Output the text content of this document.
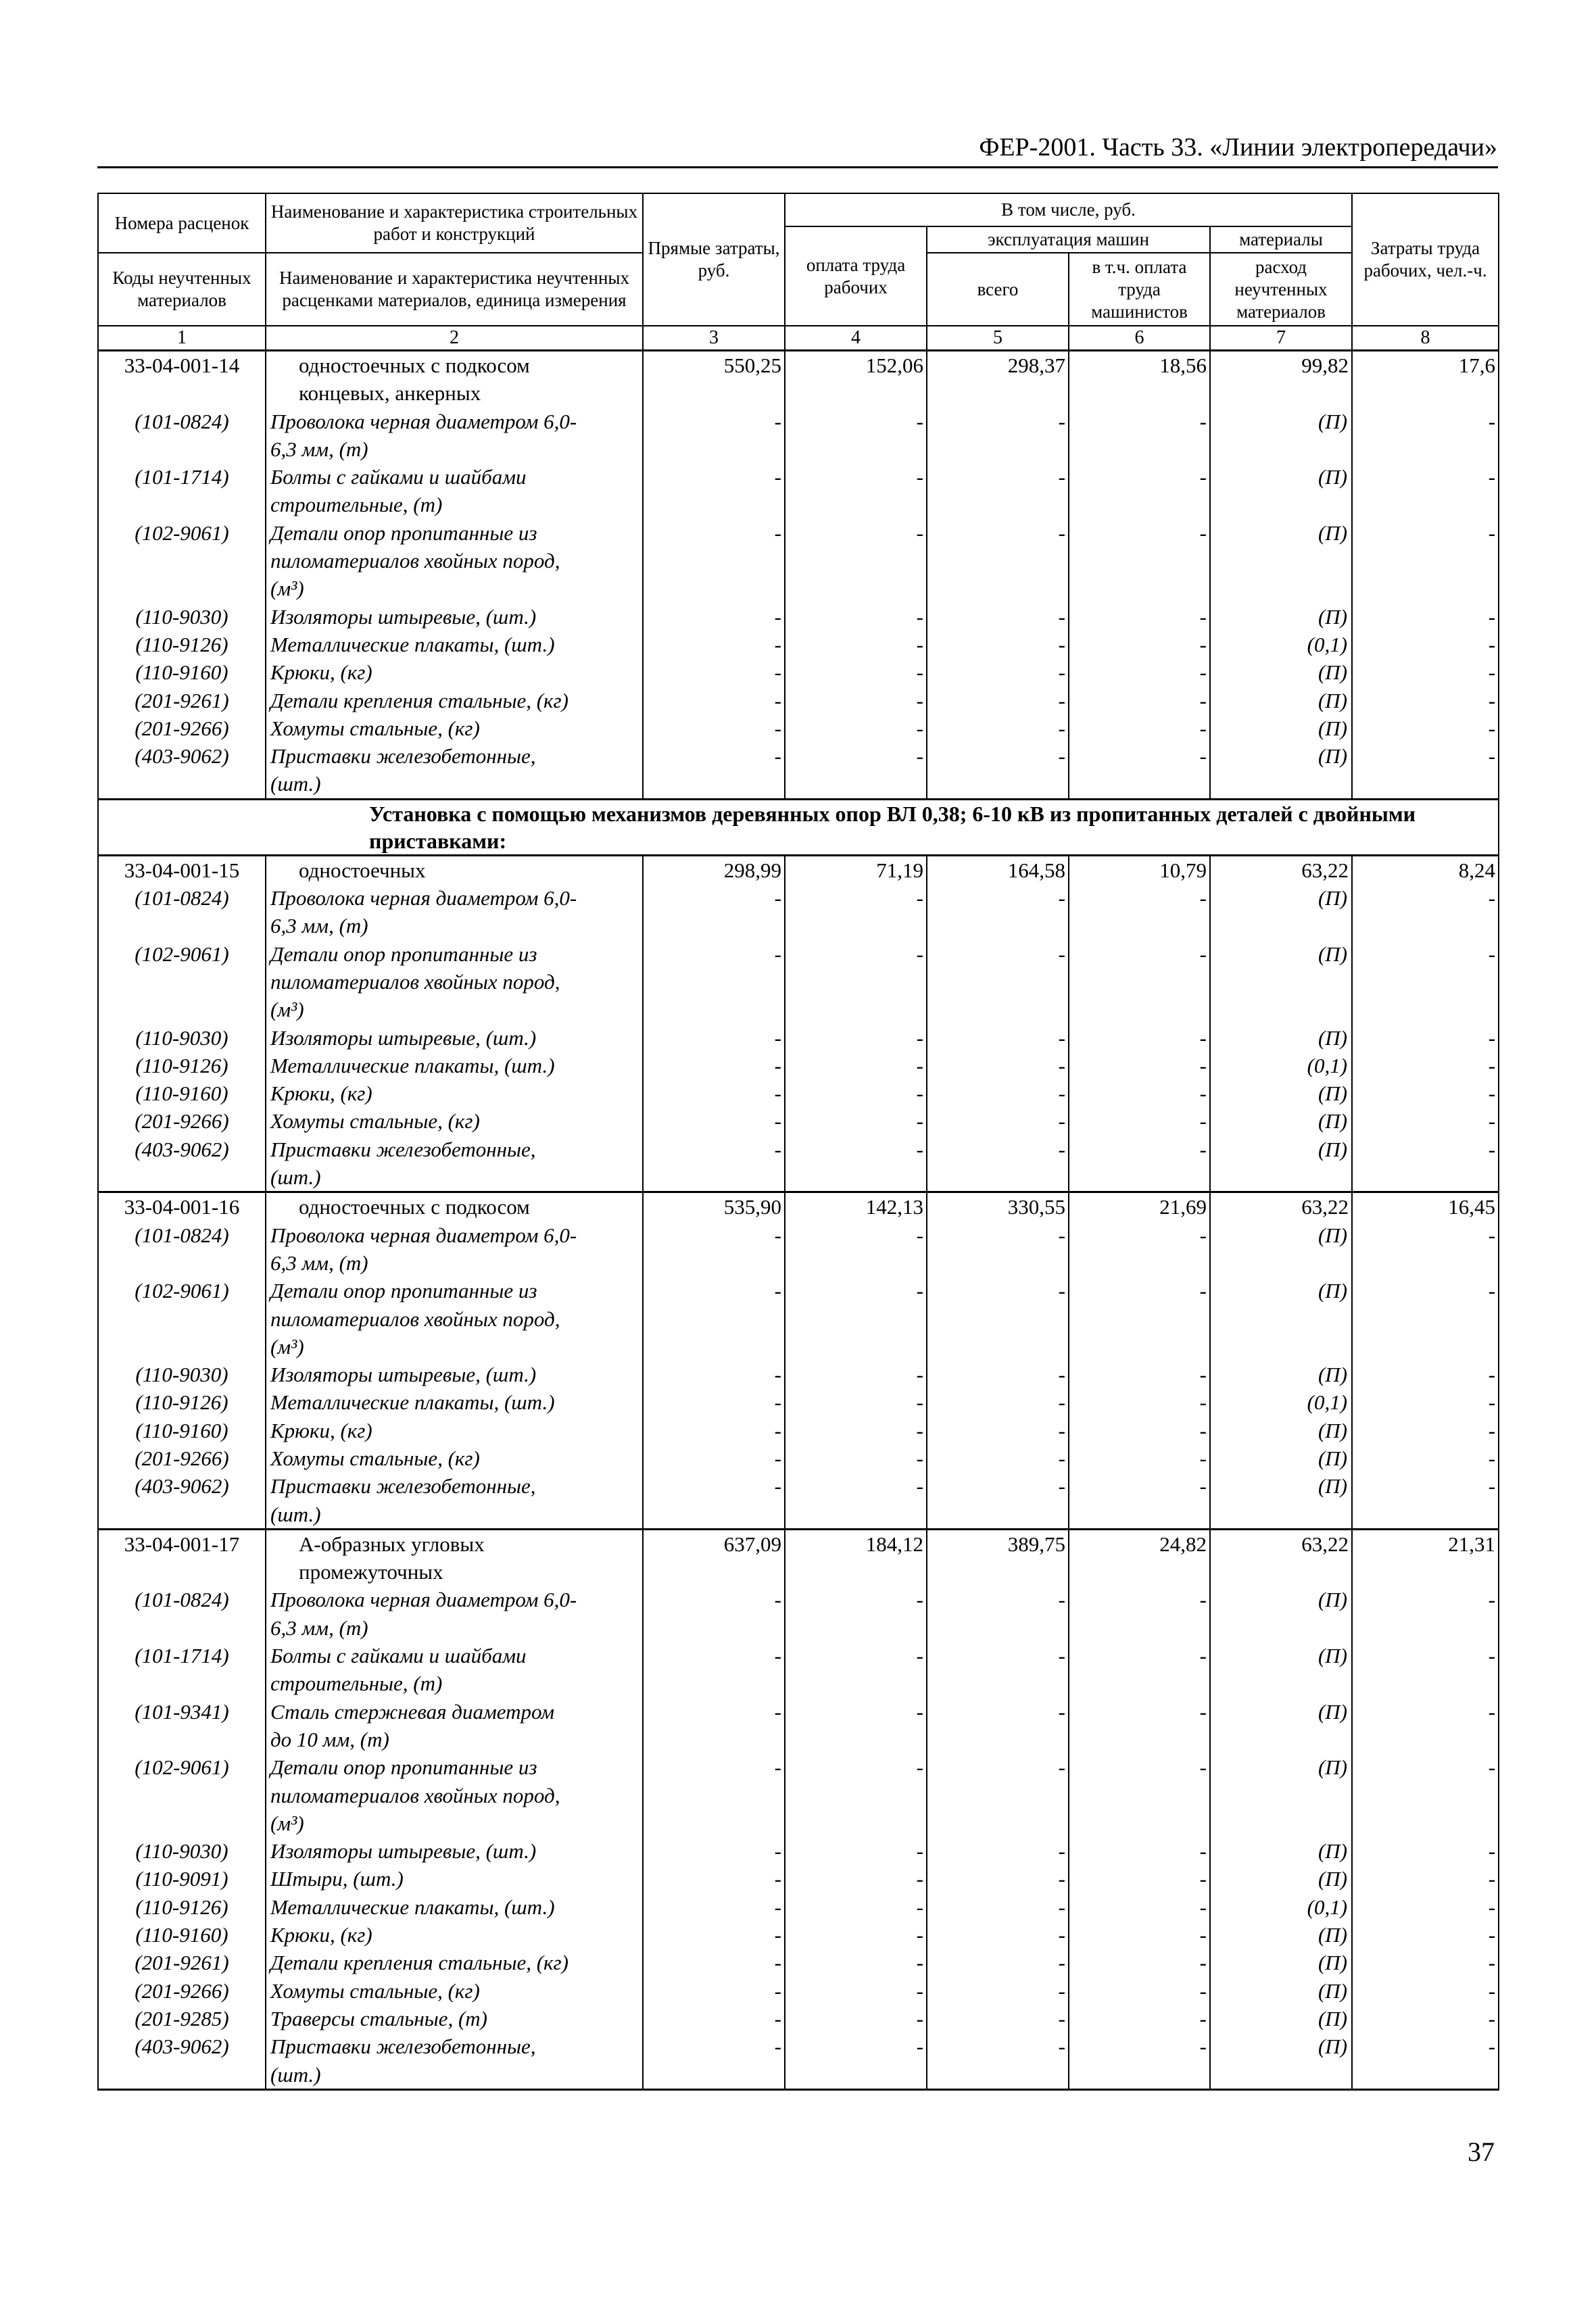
ФЕР-2001. Часть 33. «Линии электропередачи»
Номера расценок	Наименование и характеристика строительных работ и конструкций	Прямые затраты, руб.	В том числе, руб.				Затраты труда рабочих, чел.-ч.
			оплата труда рабочих	эксплуатация машин		материалы	
Коды неучтенных материалов	Наименование и характеристика неучтенных расценками материалов, единица измерения			всего	в т.ч. оплата труда машинистов	расход неучтенных материалов	

1	2	3	4	5	6	7	8
33-04-001-14	одностоечных с подкосом
концевых, анкерных	550,25	152,06	298,37	18,56	99,82	17,6
(101-0824)	Проволока черная диаметром 6,0-
6,3 мм, (т)	-	-	-	-	(П)	-
(101-1714)	Болты с гайками и шайбами
строительные, (т)	-	-	-	-	(П)	-
(102-9061)	Детали опор пропитанные из
пиломатериалов хвойных пород,
(м³)	-	-	-	-	(П)	-
(110-9030)	Изоляторы штыревые, (шт.)	-	-	-	-	(П)	-
(110-9126)	Металлические плакаты, (шт.)	-	-	-	-	(0,1)	-
(110-9160)	Крюки, (кг)	-	-	-	-	(П)	-
(201-9261)	Детали крепления стальные, (кг)	-	-	-	-	(П)	-
(201-9266)	Хомуты стальные, (кг)	-	-	-	-	(П)	-
(403-9062)	Приставки железобетонные,
(шт.)	-	-	-	-	(П)	-
Установка с помощью механизмов деревянных опор ВЛ 0,38; 6-10 кВ из пропитанных деталей с двойными приставками:							
33-04-001-15	одностоечных	298,99	71,19	164,58	10,79	63,22	8,24
(101-0824)	Проволока черная диаметром 6,0-
6,3 мм, (т)	-	-	-	-	(П)	-
(102-9061)	Детали опор пропитанные из
пиломатериалов хвойных пород,
(м³)	-	-	-	-	(П)	-
(110-9030)	Изоляторы штыревые, (шт.)	-	-	-	-	(П)	-
(110-9126)	Металлические плакаты, (шт.)	-	-	-	-	(0,1)	-
(110-9160)	Крюки, (кг)	-	-	-	-	(П)	-
(201-9266)	Хомуты стальные, (кг)	-	-	-	-	(П)	-
(403-9062)	Приставки железобетонные,
(шт.)	-	-	-	-	(П)	-
33-04-001-16	одностоечных с подкосом	535,90	142,13	330,55	21,69	63,22	16,45
(101-0824)	Проволока черная диаметром 6,0-
6,3 мм, (т)	-	-	-	-	(П)	-
(102-9061)	Детали опор пропитанные из
пиломатериалов хвойных пород,
(м³)	-	-	-	-	(П)	-
(110-9030)	Изоляторы штыревые, (шт.)	-	-	-	-	(П)	-
(110-9126)	Металлические плакаты, (шт.)	-	-	-	-	(0,1)	-
(110-9160)	Крюки, (кг)	-	-	-	-	(П)	-
(201-9266)	Хомуты стальные, (кг)	-	-	-	-	(П)	-
(403-9062)	Приставки железобетонные,
(шт.)	-	-	-	-	(П)	-
33-04-001-17	А-образных угловых
промежуточных	637,09	184,12	389,75	24,82	63,22	21,31
(101-0824)	Проволока черная диаметром 6,0-
6,3 мм, (т)	-	-	-	-	(П)	-
(101-1714)	Болты с гайками и шайбами
строительные, (т)	-	-	-	-	(П)	-
(101-9341)	Сталь стержневая диаметром
до 10 мм, (т)	-	-	-	-	(П)	-
(102-9061)	Детали опор пропитанные из
пиломатериалов хвойных пород,
(м³)	-	-	-	-	(П)	-
(110-9030)	Изоляторы штыревые, (шт.)	-	-	-	-	(П)	-
(110-9091)	Штыри, (шт.)	-	-	-	-	(П)	-
(110-9126)	Металлические плакаты, (шт.)	-	-	-	-	(0,1)	-
(110-9160)	Крюки, (кг)	-	-	-	-	(П)	-
(201-9261)	Детали крепления стальные, (кг)	-	-	-	-	(П)	-
(201-9266)	Хомуты стальные, (кг)	-	-	-	-	(П)	-
(201-9285)	Траверсы стальные, (т)	-	-	-	-	(П)	-
(403-9062)	Приставки железобетонные,
(шт.)	-	-	-	-	(П)	-
37
